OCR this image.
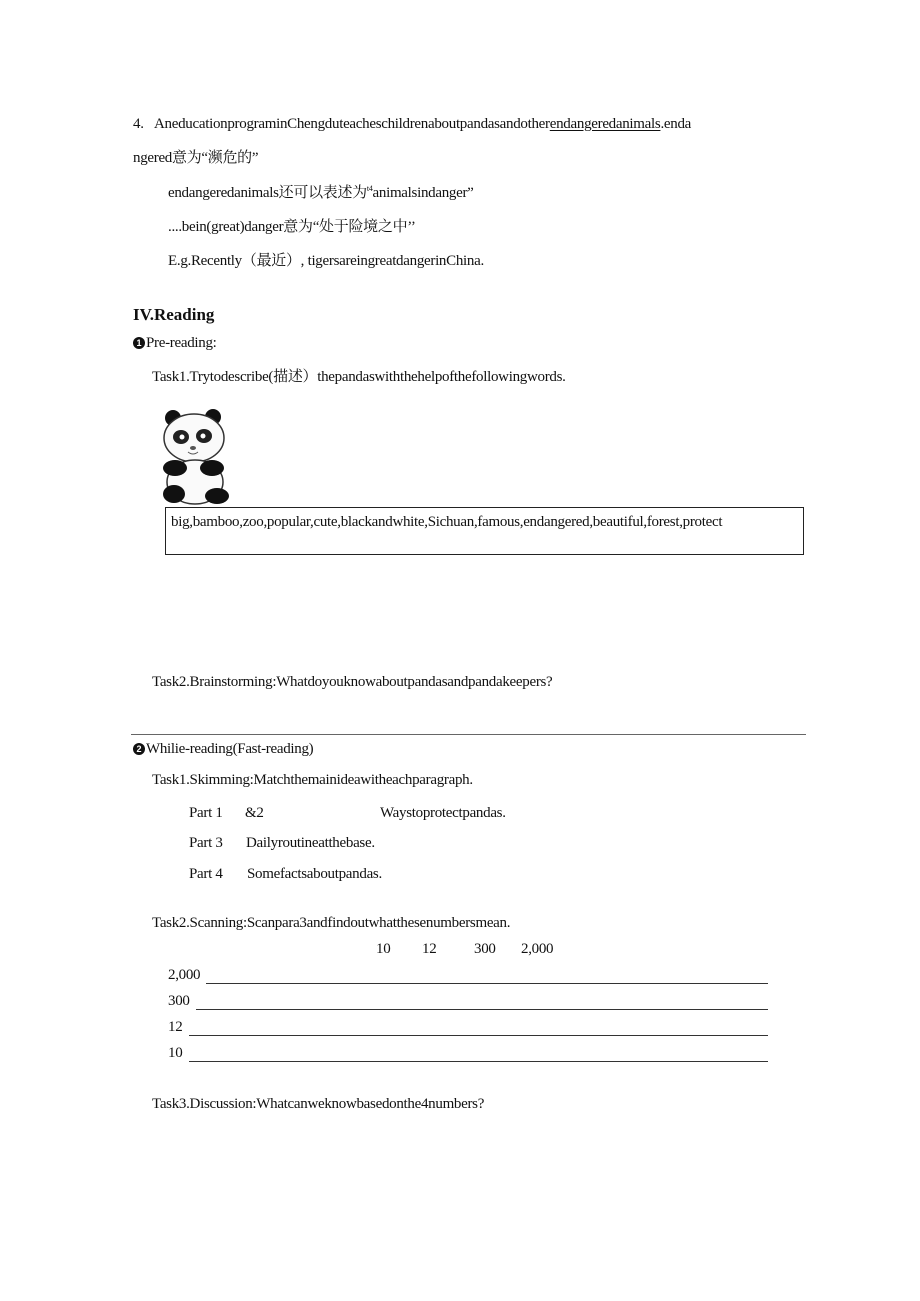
4. AneducationprograminChengduteacheschildrenaboutpandasandotherendangeredanimals.enda
ngered意为“濒危的”
endangeredanimals还可以表述为$^{t4}$animalsindanger”
....bein(great)danger意为“处于险境之中’’
E.g.Recently（最近）, tigersareingreatdangerinChina.
IV.Reading
1 Pre-reading:
Task1.Trytodescribe(描述）thepandaswiththehelpofthefollowingwords.
big,bamboo,zoo,popular,cute,blackandwhite,Sichuan,famous,endangered,beautiful,forest,protect
Task2.Brainstorming:Whatdoyouknowaboutpandasandpandakeepers?
2 Whilie-reading(Fast-reading)
Task1.Skimming:Matchthemainideawitheachparagraph.
Part 1 &2	Waystoprotectpandas.
Part 3 Dailyroutineatthebase.
Part 4 Somefactsaboutpandas.
Task2.Scanning:Scanpara3andfindoutwhatthesenumbersmean.
10 12	300 2,000
2,000
300
12
10
Task3.Discussion:Whatcanweknowbasedonthe4numbers?
